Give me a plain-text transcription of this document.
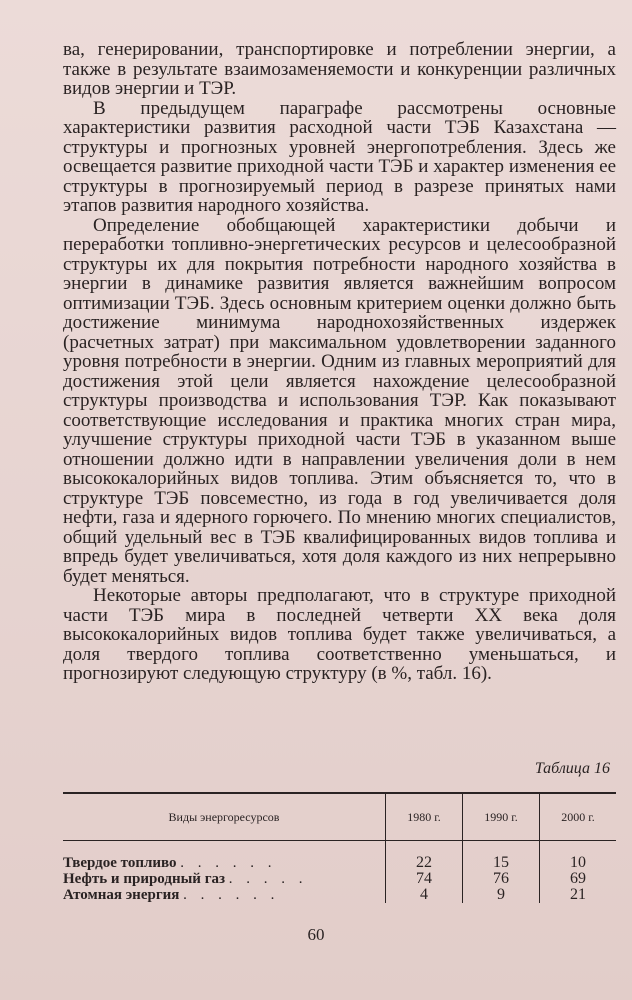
ва, генерировании, транспортировке и потреблении энергии, а также в результате взаимозаменяемости и конкуренции различных видов энергии и ТЭР.

В предыдущем параграфе рассмотрены основные характеристики развития расходной части ТЭБ Казахстана — структуры и прогнозных уровней энергопотребления. Здесь же освещается развитие приходной части ТЭБ и характер изменения ее структуры в прогнозируемый период в разрезе принятых нами этапов развития народного хозяйства.

Определение обобщающей характеристики добычи и переработки топливно-энергетических ресурсов и целесообразной структуры их для покрытия потребности народного хозяйства в энергии в динамике развития является важнейшим вопросом оптимизации ТЭБ. Здесь основным критерием оценки должно быть достижение минимума народнохозяйственных издержек (расчетных затрат) при максимальном удовлетворении заданного уровня потребности в энергии. Одним из главных мероприятий для достижения этой цели является нахождение целесообразной структуры производства и использования ТЭР. Как показывают соответствующие исследования и практика многих стран мира, улучшение структуры приходной части ТЭБ в указанном выше отношении должно идти в направлении увеличения доли в нем высококалорийных видов топлива. Этим объясняется то, что в структуре ТЭБ повсеместно, из года в год увеличивается доля нефти, газа и ядерного горючего. По мнению многих специалистов, общий удельный вес в ТЭБ квалифицированных видов топлива и впредь будет увеличиваться, хотя доля каждого из них непрерывно будет меняться.

Некоторые авторы предполагают, что в структуре приходной части ТЭБ мира в последней четверти XX века доля высококалорийных видов топлива будет также увеличиваться, а доля твердого топлива соответственно уменьшаться, и прогнозируют следующую структуру (в %, табл. 16).

Таблица 16
Виды энергоресурсов	1980 г.	1990 г.	2000 г.

Твердое топливо . . . . . .	22	15	10
Нефть и природный газ . . . . .	74	76	69
Атомная энергия . . . . . .	4	9	21
60
